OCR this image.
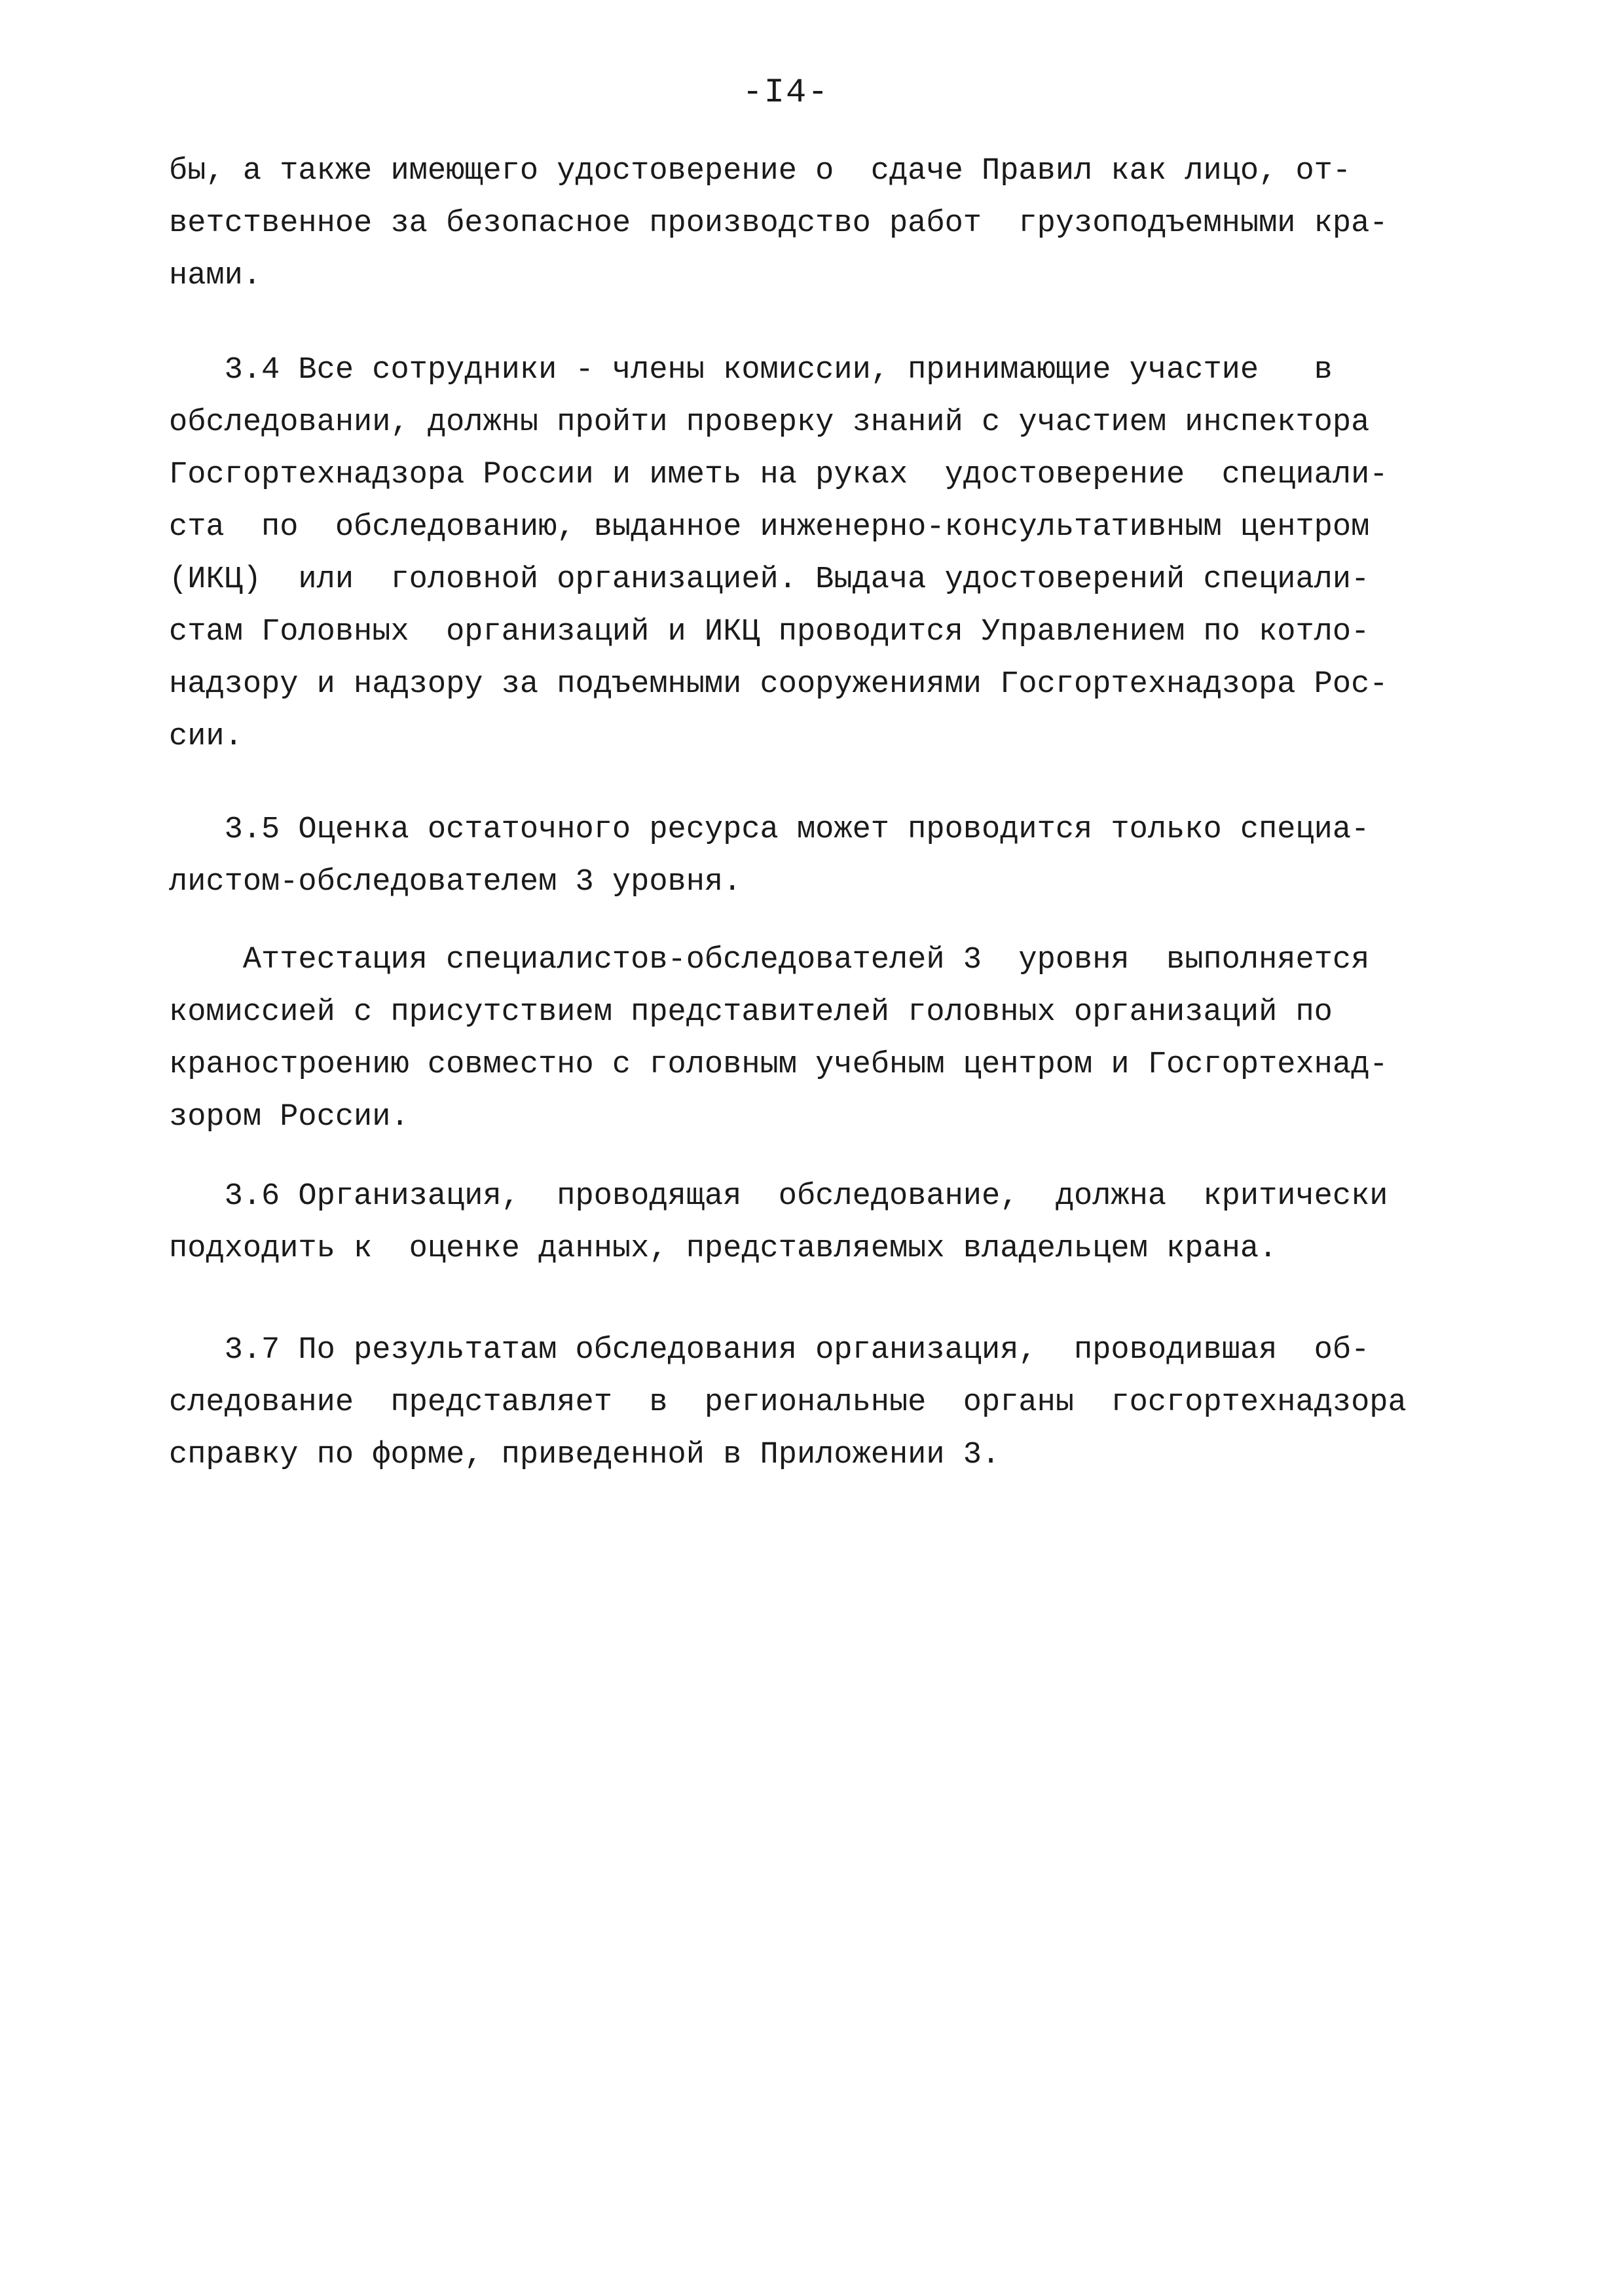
-I4-
бы, а также имеющего удостоверение о  сдаче Правил как лицо, от-
ветственное за безопасное производство работ  грузоподъемными кра-
нами.
3.4 Все сотрудники - члены комиссии, принимающие участие   в
обследовании, должны пройти проверку знаний с участием инспектора
Госгортехнадзора России и иметь на руках  удостоверение  специали-
ста  по  обследованию, выданное инженерно-консультативным центром
(ИКЦ)  или  головной организацией. Выдача удостоверений специали-
стам Головных  организаций и ИКЦ проводится Управлением по котло-
надзору и надзору за подъемными сооружениями Госгортехнадзора Рос-
сии.
3.5 Оценка остаточного ресурса может проводится только специа-
листом-обследователем 3 уровня.
Аттестация специалистов-обследователей 3  уровня  выполняется
комиссией с присутствием представителей головных организаций по
краностроению совместно с головным учебным центром и Госгортехнад-
зором России.
3.6 Организация,  проводящая  обследование,  должна  критически
подходить к  оценке данных, представляемых владельцем крана.
3.7 По результатам обследования организация,  проводившая  об-
следование  представляет  в  региональные  органы  госгортехнадзора
справку по форме, приведенной в Приложении 3.
